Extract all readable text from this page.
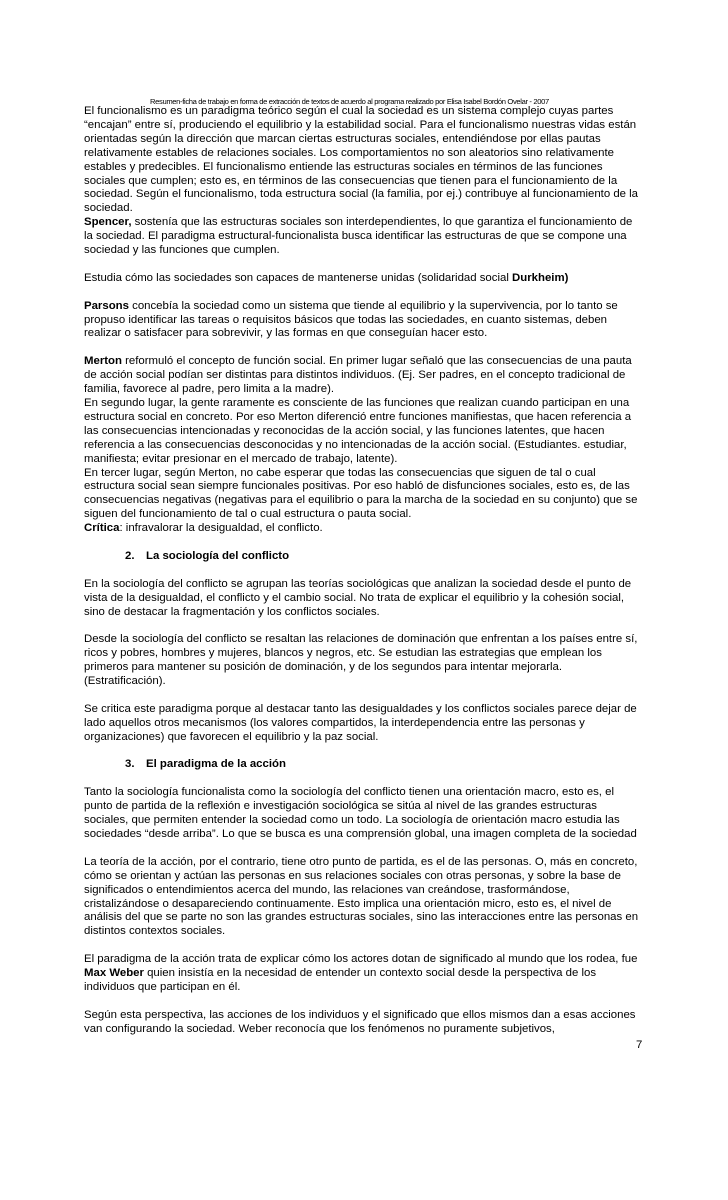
Resumen-ficha de trabajo en forma de extracción de textos de acuerdo al programa realizado por Elisa Isabel Bordón Ovelar - 2007

El funcionalismo es un paradigma teórico según el cual la sociedad es un sistema complejo cuyas partes “encajan” entre sí, produciendo el equilibrio y la estabilidad social. Para el funcionalismo nuestras vidas están orientadas según la dirección que marcan ciertas estructuras sociales, entendiéndose por ellas pautas relativamente estables de relaciones sociales. Los comportamientos no son aleatorios sino relativamente estables y predecibles. El funcionalismo entiende las estructuras sociales en términos de las funciones sociales que cumplen; esto es, en términos de las consecuencias que tienen para el funcionamiento de la sociedad. Según el funcionalismo, toda estructura social (la familia, por ej.) contribuye al funcionamiento de la sociedad.

Spencer, sostenía que las estructuras sociales son interdependientes, lo que garantiza el funcionamiento de la sociedad. El paradigma estructural-funcionalista busca identificar las estructuras de que se compone una sociedad y las funciones que cumplen.

Estudia cómo las sociedades son capaces de mantenerse unidas (solidaridad social Durkheim)

Parsons concebía la sociedad como un sistema que tiende al equilibrio y la supervivencia, por lo tanto se propuso identificar las tareas o requisitos básicos que todas las sociedades, en cuanto sistemas, deben realizar o satisfacer para sobrevivir, y las formas en que conseguían hacer esto.

Merton reformuló el concepto de función social. En primer lugar señaló que las consecuencias de una pauta de acción social podían ser distintas para distintos individuos. (Ej. Ser padres, en el concepto tradicional de familia, favorece al padre, pero limita a la madre).

En segundo lugar, la gente raramente es consciente de las funciones que realizan cuando participan en una estructura social en concreto. Por eso Merton diferenció entre funciones manifiestas, que hacen referencia a las consecuencias intencionadas y reconocidas de la acción social, y las funciones latentes, que hacen referencia a las consecuencias desconocidas y no intencionadas de la acción social. (Estudiantes. estudiar, manifiesta; evitar presionar en el mercado de trabajo, latente).

En tercer lugar, según Merton, no cabe esperar que todas las consecuencias que siguen de tal o cual estructura social sean siempre funcionales positivas. Por eso habló de disfunciones sociales, esto es, de las consecuencias negativas (negativas para el equilibrio o para la marcha de la sociedad en su conjunto) que se siguen del funcionamiento de tal o cual estructura o pauta social.

Crítica: infravalorar la desigualdad, el conflicto.

2. La sociología del conflicto

En la sociología del conflicto se agrupan las teorías sociológicas que analizan la sociedad desde el punto de vista de la desigualdad, el conflicto y el cambio social. No trata de explicar el equilibrio y la cohesión social, sino de destacar la fragmentación y los conflictos sociales.

Desde la sociología del conflicto se resaltan las relaciones de dominación que enfrentan a los países entre sí, ricos y pobres, hombres y mujeres, blancos y negros, etc. Se estudian las estrategias que emplean los primeros para mantener su posición de dominación, y de los segundos para intentar mejorarla. (Estratificación).

Se critica este paradigma porque al destacar tanto las desigualdades y los conflictos sociales parece dejar de lado aquellos otros mecanismos (los valores compartidos, la interdependencia entre las personas y organizaciones) que favorecen el equilibrio y la paz social.

3. El paradigma de la acción

Tanto la sociología funcionalista como la sociología del conflicto tienen una orientación macro, esto es, el punto de partida de la reflexión e investigación sociológica se sitúa al nivel de las grandes estructuras sociales, que permiten entender la sociedad como un todo. La sociología de orientación macro estudia las sociedades “desde arriba”. Lo que se busca es una comprensión global, una imagen completa de la sociedad

La teoría de la acción, por el contrario, tiene otro punto de partida, es el de las personas. O, más en concreto, cómo se orientan y actúan las personas en sus relaciones sociales con otras personas, y sobre la base de significados o entendimientos acerca del mundo, las relaciones van creándose, trasformándose, cristalizándose o desapareciendo continuamente. Esto implica una orientación micro, esto es, el nivel de análisis del que se parte no son las grandes estructuras sociales, sino las interacciones entre las personas en distintos contextos sociales.

El paradigma de la acción trata de explicar cómo los actores dotan de significado al mundo que los rodea, fue Max Weber quien insistía en la necesidad de entender un contexto social desde la perspectiva de los individuos que participan en él.

Según esta perspectiva, las acciones de los individuos y el significado que ellos mismos dan a esas acciones van configurando la sociedad. Weber reconocía que los fenómenos no puramente subjetivos,

7
